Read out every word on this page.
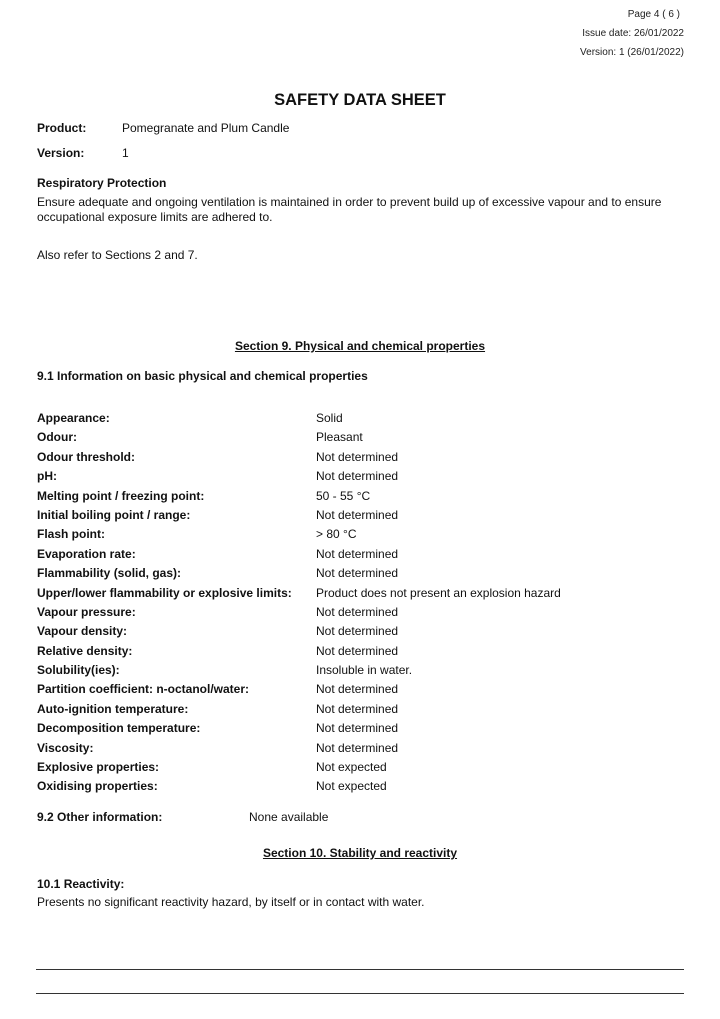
Page 4 ( 6 )
Issue date: 26/01/2022
Version: 1 (26/01/2022)
SAFETY DATA SHEET
Product:	Pomegranate and Plum Candle
Version:	1
Respiratory Protection
Ensure adequate and ongoing ventilation is maintained in order to prevent build up of excessive vapour and to ensure occupational exposure limits are adhered to.
Also refer to Sections 2 and 7.
Section 9. Physical and chemical properties
9.1 Information on basic physical and chemical properties
Appearance:	Solid
Odour:	Pleasant
Odour threshold:	Not determined
pH:	Not determined
Melting point / freezing point:	50 - 55 °C
Initial boiling point / range:	Not determined
Flash point:	> 80 °C
Evaporation rate:	Not determined
Flammability (solid, gas):	Not determined
Upper/lower flammability or explosive limits: Product does not present an explosion hazard
Vapour pressure:	Not determined
Vapour density:	Not determined
Relative density:	Not determined
Solubility(ies):	Insoluble in water.
Partition coefficient: n-octanol/water:	Not determined
Auto-ignition temperature:	Not determined
Decomposition temperature:	Not determined
Viscosity:	Not determined
Explosive properties:	Not expected
Oxidising properties:	Not expected
9.2 Other information:	None available
Section 10. Stability and reactivity
10.1 Reactivity:
Presents no significant reactivity hazard, by itself or in contact with water.
